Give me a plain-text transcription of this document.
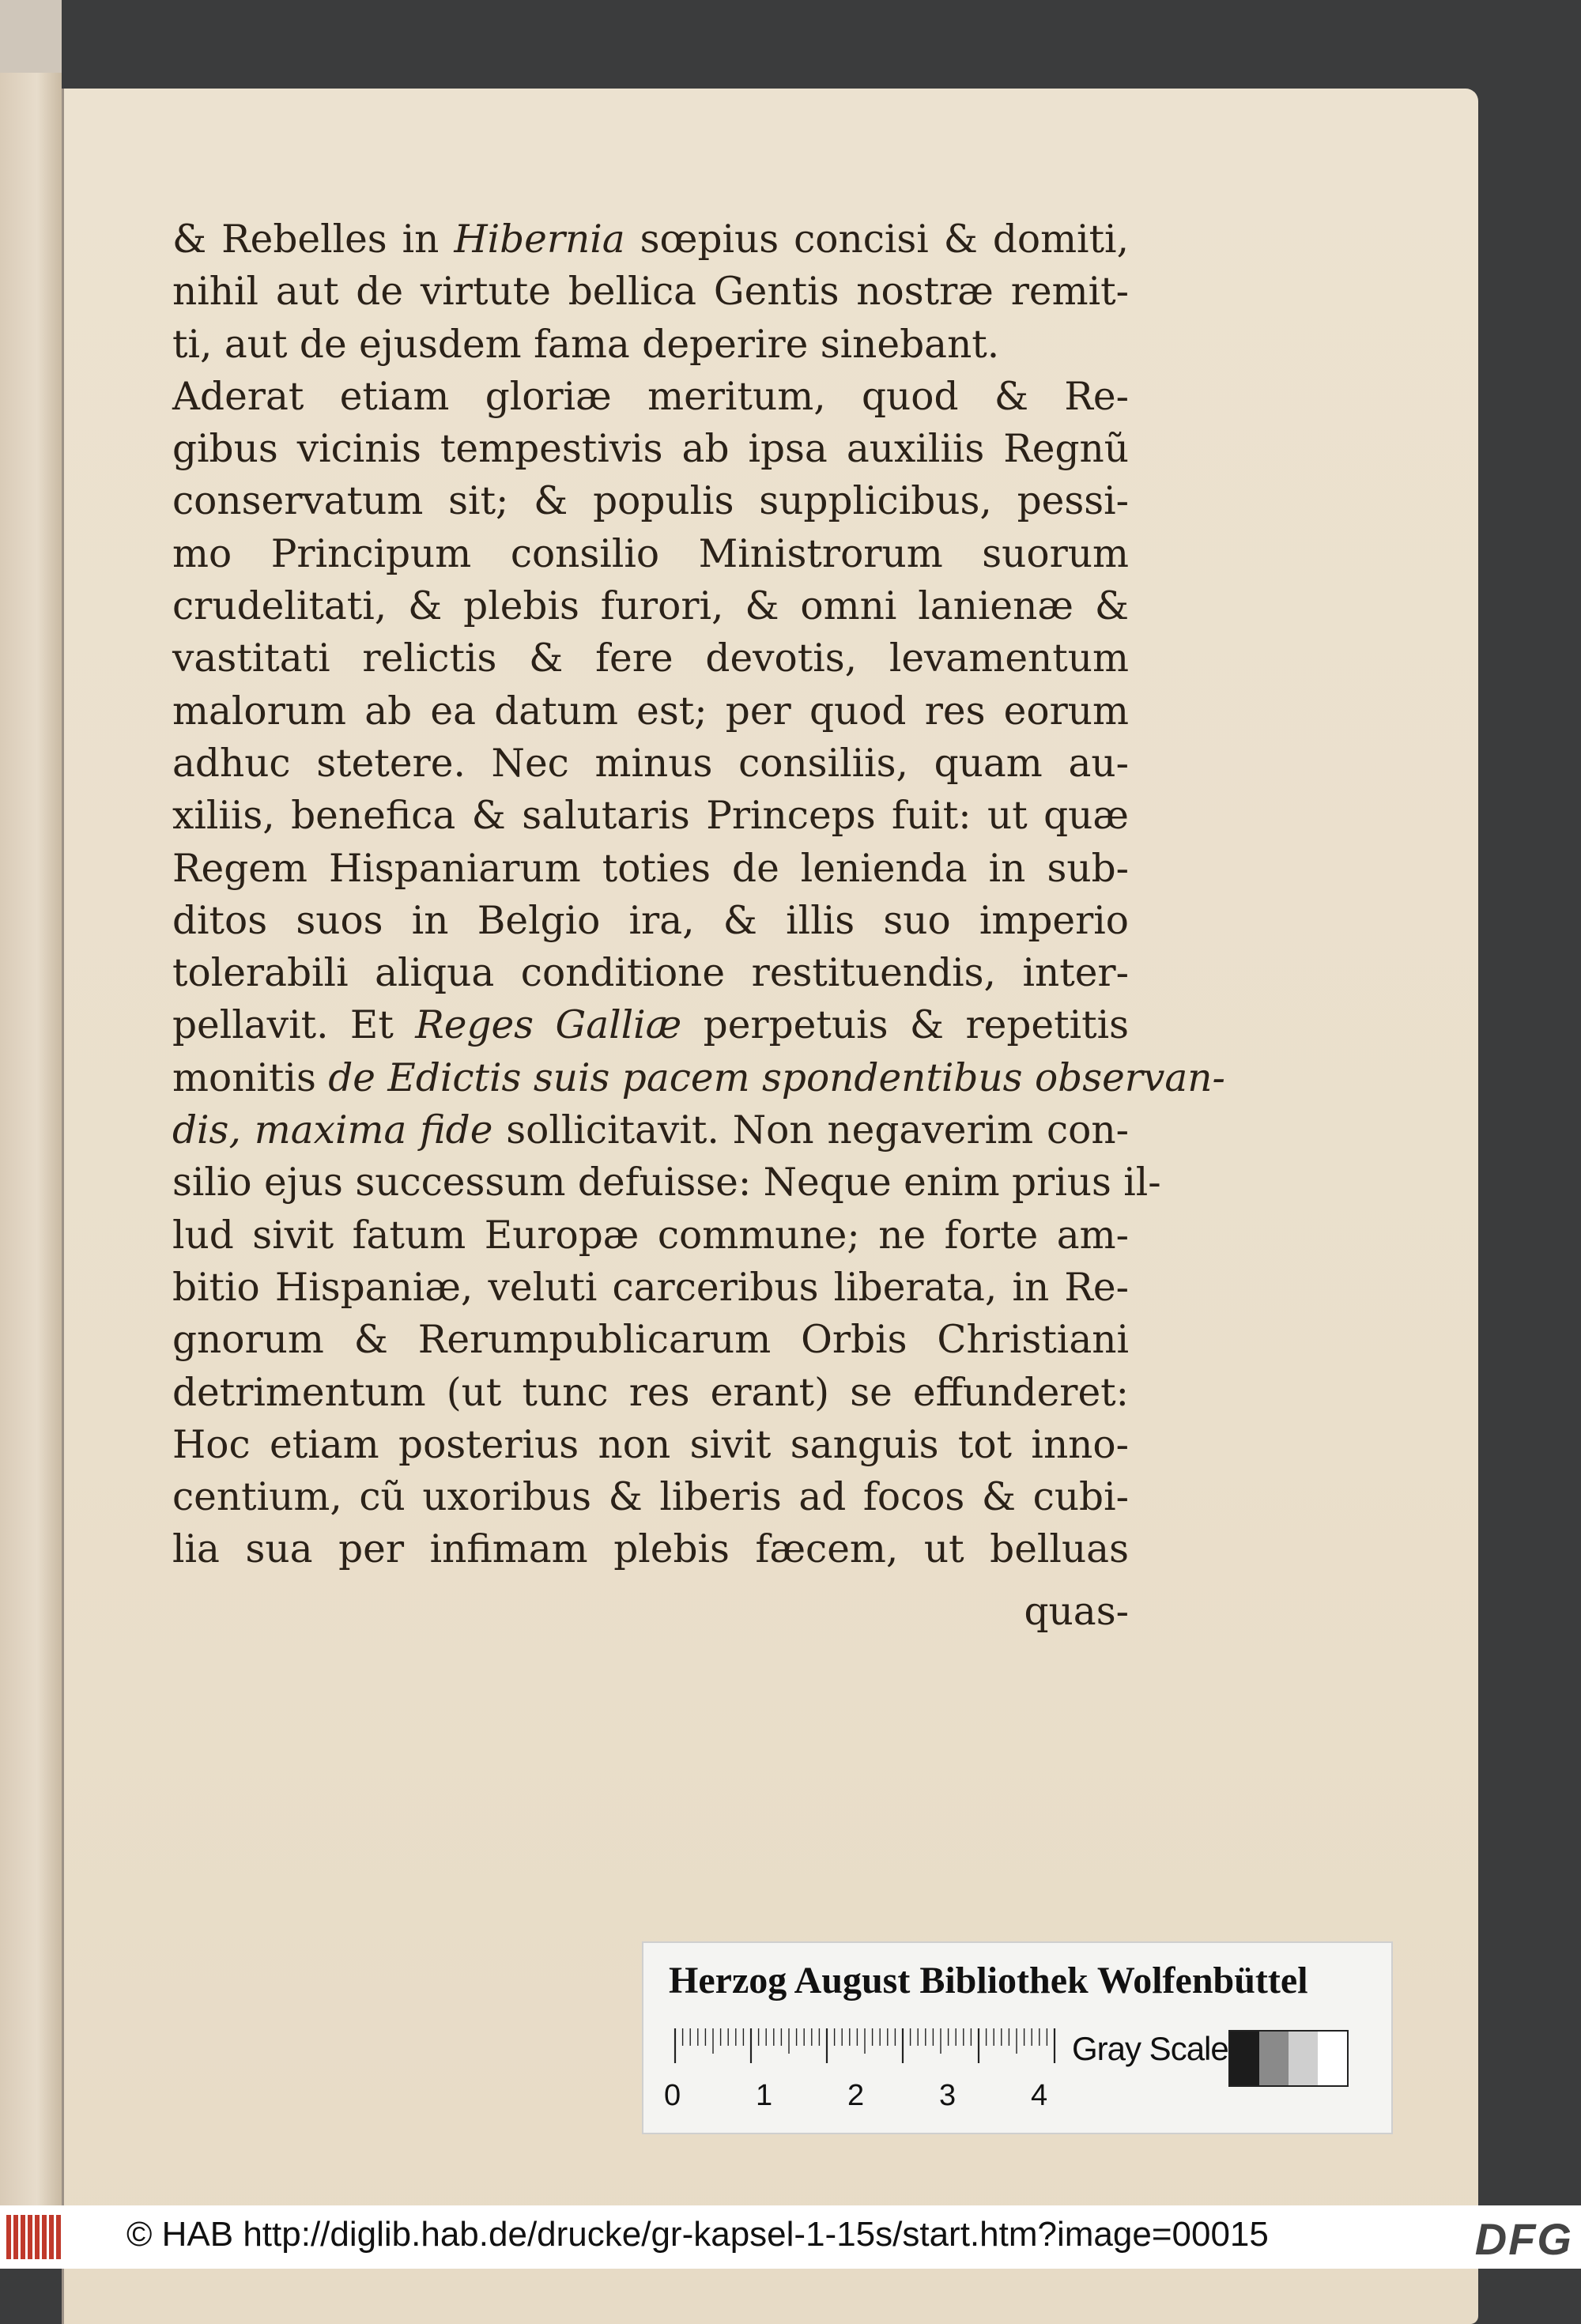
& Rebelles in Hibernia sœpius concisi & domiti,
nihil aut de virtute bellica Gentis nostræ remit-
ti, aut de ejusdem fama deperire sinebant.
Aderat etiam gloriæ meritum, quod & Re-
gibus vicinis tempestivis ab ipsa auxiliis Regnũ
conservatum sit; & populis supplicibus, pessi-
mo Principum consilio Ministrorum suorum
crudelitati, & plebis furori, & omni lanienæ &
vastitati relictis & fere devotis, levamentum
malorum ab ea datum est; per quod res eorum
adhuc stetere. Nec minus consiliis, quam au-
xiliis, benefica & salutaris Princeps fuit: ut quæ
Regem Hispaniarum toties de lenienda in sub-
ditos suos in Belgio ira, & illis suo imperio
tolerabili aliqua conditione restituendis, inter-
pellavit. Et Reges Galliæ perpetuis & repetitis
monitis de Edictis suis pacem spondentibus observan-
dis, maxima fide sollicitavit. Non negaverim con-
silio ejus successum defuisse: Neque enim prius il-
lud sivit fatum Europæ commune; ne forte am-
bitio Hispaniæ, veluti carceribus liberata, in Re-
gnorum & Rerumpublicarum Orbis Christiani
detrimentum (ut tunc res erant) se effunderet:
Hoc etiam posterius non sivit sanguis tot inno-
centium, cũ uxoribus & liberis ad focos & cubi-
lia sua per infimam plebis fæcem, ut belluas
quas-
Herzog August Bibliothek Wolfenbüttel
0 1 2 3 4
Gray Scale
© HAB http://diglib.hab.de/drucke/gr-kapsel-1-15s/start.htm?image=00015	DFG
